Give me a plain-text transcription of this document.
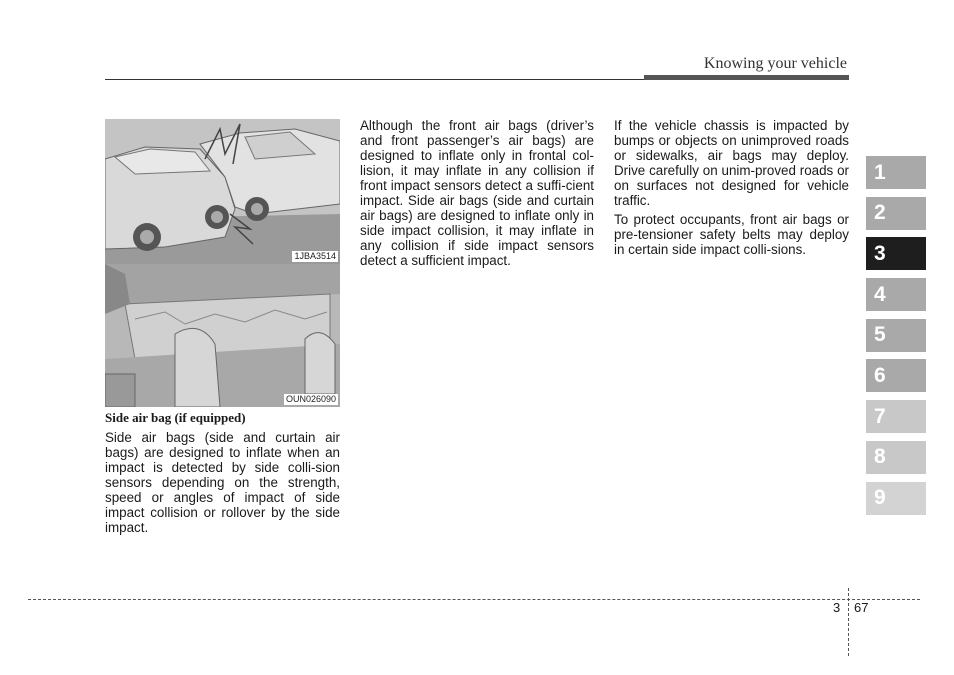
Knowing your vehicle
1JBA3514
OUN026090
Side air bag (if equipped)

Side air bags (side and curtain air bags) are designed to inflate when an impact is detected by side colli-sion sensors depending on the strength, speed or angles of impact of side impact collision or rollover by the side impact.

Although the front air bags (driver’s and front passenger’s air bags) are designed to inflate only in frontal col-lision, it may inflate in any collision if front impact sensors detect a suffi-cient impact. Side air bags (side and curtain air bags) are designed to inflate only in side impact collision, it may inflate in any collision if side impact sensors detect a sufficient impact.

If the vehicle chassis is impacted by bumps or objects on unimproved roads or sidewalks, air bags may deploy. Drive carefully on unim-proved roads or on surfaces not designed for vehicle traffic.

To protect occupants, front air bags or pre-tensioner safety belts may deploy in certain side impact colli-sions.

1
2
3
4
5
6
7
8
9
3 67
